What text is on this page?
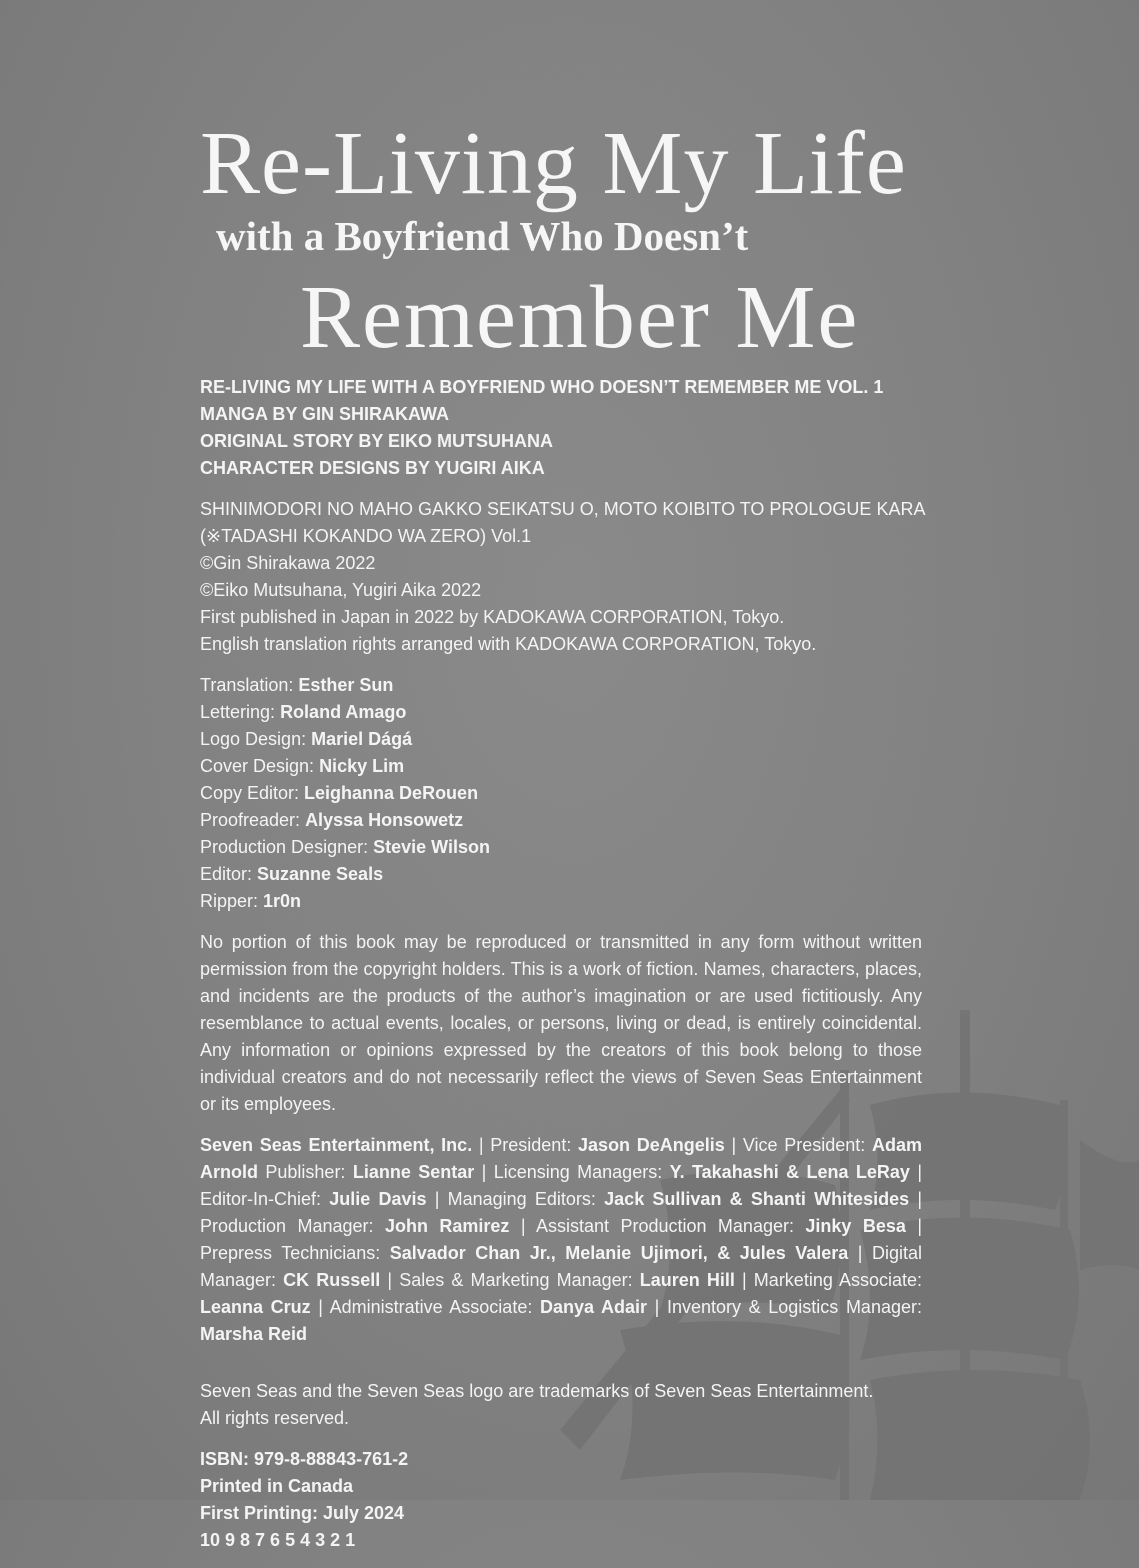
Re-Living My Life
with a Boyfriend Who Doesn’t
Remember Me
RE-LIVING MY LIFE WITH A BOYFRIEND WHO DOESN’T REMEMBER ME VOL. 1
MANGA BY GIN SHIRAKAWA
ORIGINAL STORY BY EIKO MUTSUHANA
CHARACTER DESIGNS BY YUGIRI AIKA
SHINIMODORI NO MAHO GAKKO SEIKATSU O, MOTO KOIBITO TO PROLOGUE KARA
(※TADASHI KOKANDO WA ZERO) Vol.1
©Gin Shirakawa 2022
©Eiko Mutsuhana, Yugiri Aika 2022
First published in Japan in 2022 by KADOKAWA CORPORATION, Tokyo.
English translation rights arranged with KADOKAWA CORPORATION, Tokyo.
Translation: Esther Sun
Lettering: Roland Amago
Logo Design: Mariel Dágá
Cover Design: Nicky Lim
Copy Editor: Leighanna DeRouen
Proofreader: Alyssa Honsowetz
Production Designer: Stevie Wilson
Editor: Suzanne Seals
Ripper: 1r0n
No portion of this book may be reproduced or transmitted in any form without written permission from the copyright holders. This is a work of fiction. Names, characters, places, and incidents are the products of the author’s imagination or are used fictitiously. Any resemblance to actual events, locales, or persons, living or dead, is entirely coincidental. Any information or opinions expressed by the creators of this book belong to those individual creators and do not necessarily reflect the views of Seven Seas Entertainment or its employees.
Seven Seas Entertainment, Inc. | President: Jason DeAngelis | Vice President: Adam Arnold Publisher: Lianne Sentar | Licensing Managers: Y. Takahashi & Lena LeRay | Editor-In-Chief: Julie Davis | Managing Editors: Jack Sullivan & Shanti Whitesides | Production Manager: John Ramirez | Assistant Production Manager: Jinky Besa | Prepress Technicians: Salvador Chan Jr., Melanie Ujimori, & Jules Valera | Digital Manager: CK Russell | Sales & Marketing Manager: Lauren Hill | Marketing Associate: Leanna Cruz | Administrative Associate: Danya Adair | Inventory & Logistics Manager: Marsha Reid
Seven Seas and the Seven Seas logo are trademarks of Seven Seas Entertainment.
All rights reserved.
ISBN: 979-8-88843-761-2
Printed in Canada
First Printing: July 2024
10 9 8 7 6 5 4 3 2 1
